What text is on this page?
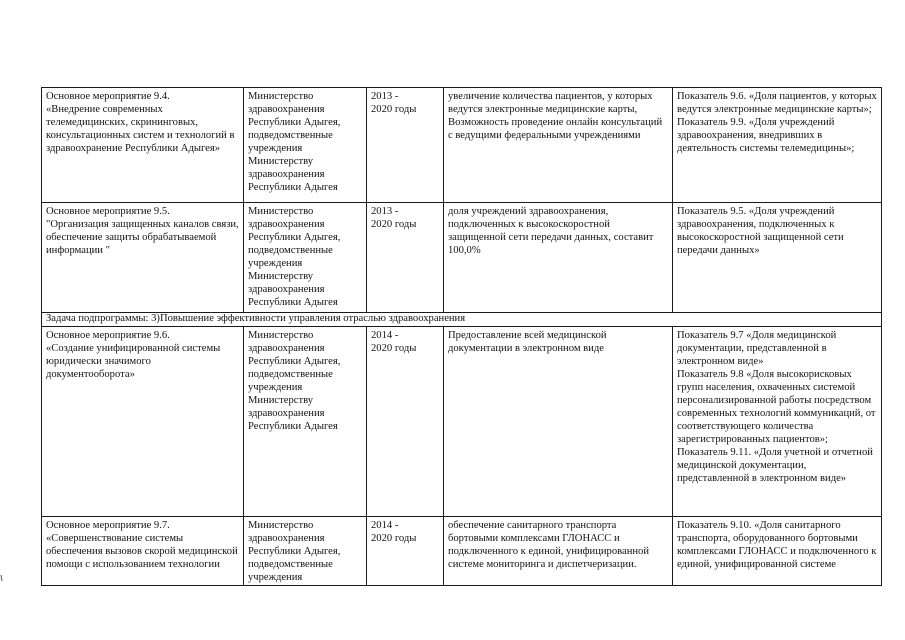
Основное мероприятие 9.4.
«Внедрение современных телемедицинских, скрининговых, консультационных систем и технологий в здравоохранение Республики Адыгея»	Министерство здравоохранения Республики Адыгея, подведомственные учреждения Министерству здравоохранения Республики Адыгея	2013 -
2020 годы	увеличение количества пациентов, у которых ведутся электронные медицинские карты,
Возможность проведение онлайн консультаций с ведущими федеральными учреждениями	Показатель 9.6. «Доля пациентов, у которых ведутся электронные медицинские карты»;
Показатель 9.9. «Доля учреждений здравоохранения, внедривших в деятельность системы телемедицины»;
Основное мероприятие 9.5.
"Организация защищенных каналов связи, обеспечение защиты обрабатываемой информации "	Министерство здравоохранения Республики Адыгея, подведомственные учреждения Министерству здравоохранения Республики Адыгея	2013 -
2020 годы	доля учреждений здравоохранения, подключенных к высокоскоростной защищенной сети передачи данных, составит 100,0%	Показатель 9.5. «Доля учреждений здравоохранения, подключенных к высокоскоростной защищенной сети передачи данных»
Задача подпрограммы: 3)Повышение эффективности управления отраслью здравоохранения				
Основное мероприятие 9.6.
«Создание унифицированной системы юридически значимого документооборота»	Министерство здравоохранения Республики Адыгея, подведомственные учреждения Министерству здравоохранения Республики Адыгея	2014 -
2020 годы	Предоставление всей медицинской документации в электронном виде	Показатель 9.7 «Доля медицинской документации, представленной в электронном виде»
Показатель 9.8 «Доля высокорисковых групп населения, охваченных системой персонализированной работы посредством современных технологий коммуникаций, от соответствующего количества зарегистрированных пациентов»;
Показатель 9.11. «Доля учетной и отчетной медицинской документации, представленной в электронном виде»
Основное мероприятие 9.7.
«Совершенствование системы обеспечения вызовов скорой медицинской помощи с использованием технологии	Министерство здравоохранения Республики Адыгея, подведомственные учреждения	2014 -
2020 годы	обеспечение санитарного транспорта бортовыми комплексами ГЛОНАСС и подключенного к единой, унифицированной системе мониторинга и диспетчеризации.	Показатель 9.10. «Доля санитарного транспорта, оборудованного бортовыми комплексами ГЛОНАСС и подключенного к единой, унифицированной системе
